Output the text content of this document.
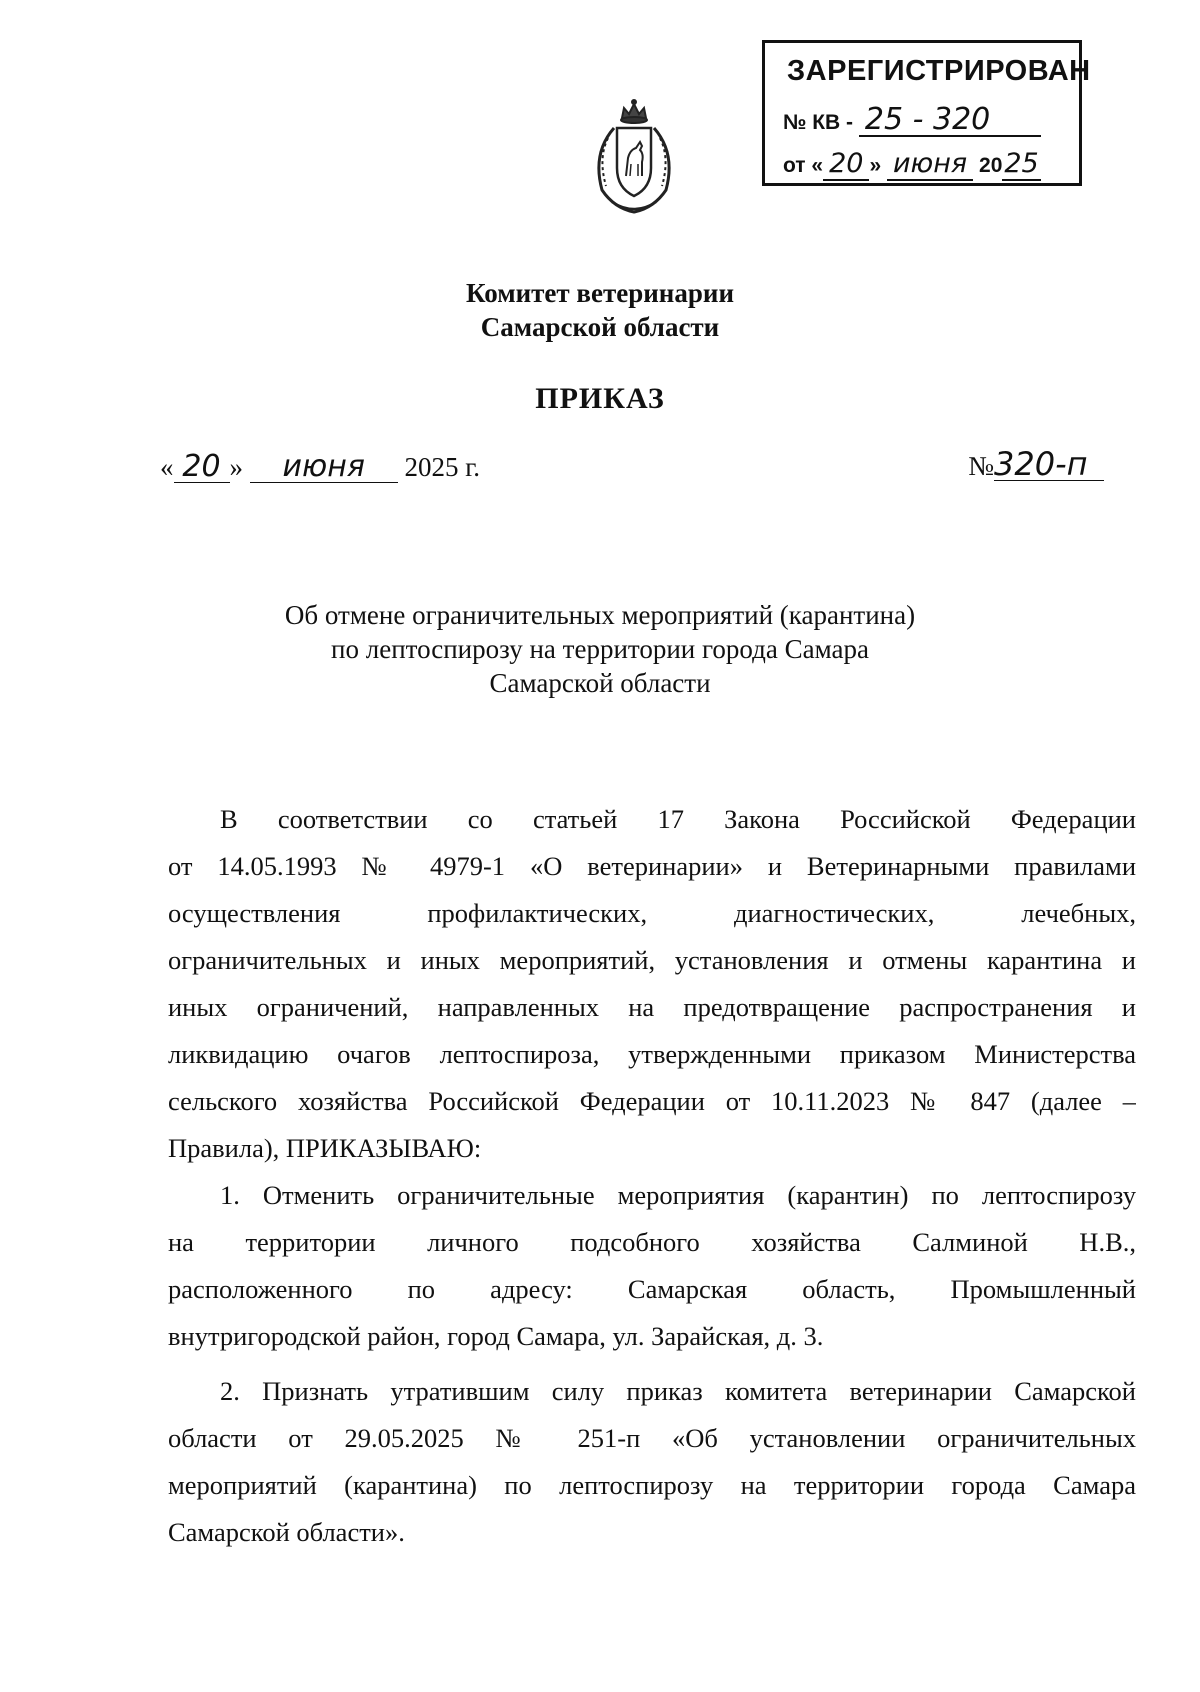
ЗАРЕГИСТРИРОВАН
№ КВ - 25 - 320
от « 20 » июня 2025
Комитет ветеринарии
Самарской области
ПРИКАЗ
« 20 » июня 2025 г.	№320-п
Об отмене ограничительных мероприятий (карантина)
по лептоспирозу на территории города Самара
Самарской области
В соответствии со статьей 17 Закона Российской Федерации
от 14.05.1993 № 4979-1 «О ветеринарии» и Ветеринарными правилами
осуществления профилактических, диагностических, лечебных,
ограничительных и иных мероприятий, установления и отмены карантина и
иных ограничений, направленных на предотвращение распространения и
ликвидацию очагов лептоспироза, утвержденными приказом Министерства
сельского хозяйства Российской Федерации от 10.11.2023 № 847 (далее –
Правила), ПРИКАЗЫВАЮ:
1. Отменить ограничительные мероприятия (карантин) по лептоспирозу
на территории личного подсобного хозяйства Салминой Н.В.,
расположенного по адресу: Самарская область, Промышленный
внутригородской район, город Самара, ул. Зарайская, д. 3.
2. Признать утратившим силу приказ комитета ветеринарии Самарской
области от 29.05.2025 № 251-п «Об установлении ограничительных
мероприятий (карантина) по лептоспирозу на территории города Самара
Самарской области».
